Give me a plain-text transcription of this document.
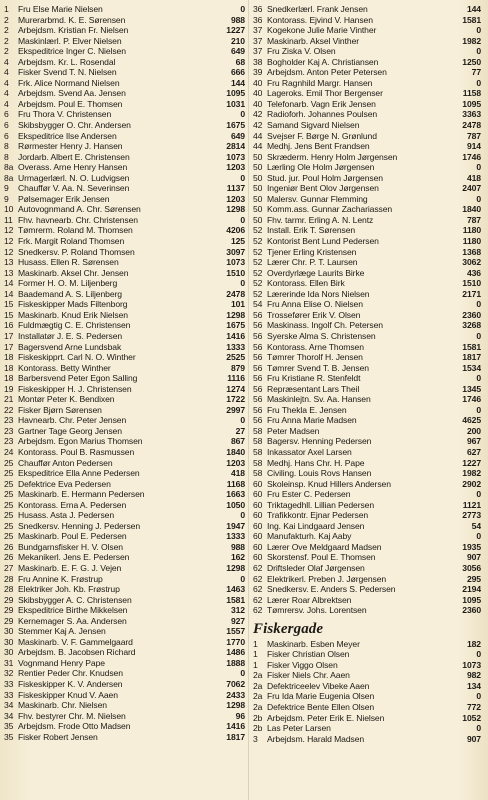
1	Fru Else Marie Nielsen	0
2	Murerarbmd. K. E. Sørensen	988
2	Arbejdsm. Kristian Fr. Nielsen	1227
2	Maskinlærl. P. Elver Nielsen	210
2	Ekspeditrice Inger C. Nielsen	649
4	Arbejdsm. Kr. L. Rosendal	68
4	Fisker Svend T. N. Nielsen	666
4	Frk. Alice Normand Nielsen	144
4	Arbejdsm. Svend Aa. Jensen	1095
4	Arbejdsm. Poul E. Thomsen	1031
6	Fru Thora V. Christensen	0
6	Skibsbygger O. Chr. Andersen	1675
6	Ekspeditrice Ilse Andersen	649
8	Rørmester Henry J. Hansen	2814
8	Jordarb. Albert E. Christensen	1073
8a Overass. Arne Henry Hansen	1203
8a Urmagerlærl. N. O. Ludvigsen	0
9	Chauffør V. Aa. N. Severinsen	1137
9	Pølsemager Erik Jensen	1203
10 Autovognmand A. Chr. Sørensen	1298
11 Fhv. havnearb. Chr. Christensen	0
12 Tømrerm. Roland M. Thomsen	4206
12 Frk. Margit Roland Thomsen	125
12 Snedkersv. P. Roland Thomsen	3097
13 Husass. Ellen R. Sørensen	1073
13 Maskinarb. Aksel Chr. Jensen	1510
14 Former H. O. M. Liljenberg	0
14 Baademand A. S. Liljenberg	2478
15 Fiskeskipper Mads Filtenborg	101
15 Maskinarb. Knud Erik Nielsen	1298
16 Fuldmægtig C. E. Christensen	1675
17 Installatør J. E. S. Pedersen	1416
17 Bagersvend Arne Lundsbak	1333
18 Fiskeskipprt. Carl N. O. Winther	2525
18 Kontorass. Betty Winther	879
18 Barbersvend Peter Egon Salling	1116
19 Fiskeskipper H. J. Christensen	1274
21 Montør Peter K. Bendixen	1722
22 Fisker Bjørn Sørensen	2997
23 Havnearb. Chr. Peter Jensen	0
23 Gartner Tage Georg Jensen	27
23 Arbejdsm. Egon Marius Thomsen	867
24 Kontorass. Poul B. Rasmussen	1840
25 Chauffør Anton Pedersen	1203
25 Ekspeditrice Ella Anne Pedersen	418
25 Defektrice Eva Pedersen	1168
25 Maskinarb. E. Hermann Pedersen	1663
25 Kontorass. Erna A. Pedersen	1050
25 Husass. Asta J. Pedersen	0
25 Snedkersv. Henning J. Pedersen	1947
25 Maskinarb. Poul E. Pedersen	1333
26 Bundgarnsfisker H. V. Olsen	988
26 Mekanikerl. Jens E. Pedersen	162
27 Maskinarb. E. F. G. J. Vejen	1298
28 Fru Annine K. Frøstrup	0
28 Elektriker Joh. Kb. Frøstrup	1463
29 Skibsbygger A. C. Christensen	1581
29 Ekspeditrice Birthe Mikkelsen	312
29 Kernemager S. Aa. Andersen	927
30 Stemmer Kaj A. Jensen	1557
30 Maskinarb. V. F. Gammelgaard	1770
30 Arbejdsm. B. Jacobsen Richard	1486
31 Vognmand Henry Pape	1888
32 Rentier Peder Chr. Knudsen	0
33 Fiskeskipper K. V. Andersen	7062
33 Fiskeskipper Knud V. Aaen	2433
34 Maskinarb. Chr. Nielsen	1298
34 Fhv. bestyrer Chr. M. Nielsen	96
35 Arbejdsm. Frode Otto Madsen	1416
35 Fisker Robert Jensen	1817
36 Snedkerlærl. Frank Jensen	144
36 Kontorass. Ejvind V. Hansen	1581
37 Kogekone Julie Marie Vinther	0
37 Maskinarb. Aksel Vinther	1982
37 Fru Ziska V. Olsen	0
38 Bogholder Kaj A. Christiansen	1250
39 Arbejdsm. Anton Peter Petersen	77
40 Fru Ragnhild Margr. Hansen	0
40 Lageroks. Emil Thor Bergenser	1158
40 Telefonarb. Vagn Erik Jensen	1095
42 Radioforh. Johannes Poulsen	3363
42 Samand Sigvard Nielsen	2478
44 Svejser F. Børge N. Grønlund	787
44 Medhj. Jens Bent Frandsen	914
50 Skræderm. Henry Holm Jørgensen	1746
50 Lærling Ole Holm Jørgensen	0
50 Stud. jur. Poul Holm Jørgensen	418
50 Ingeniør Bent Olov Jørgensen	2407
50 Malersv. Gunnar Flemming	0
50 Komm.ass. Gunnar Zachariassen	1840
50 Fhv. tarmr. Erling A. N. Lentz	787
52 Install. Erik T. Sørensen	1180
52 Kontorist Bent Lund Pedersen	1180
52 Tjener Erling Kristensen	1368
52 Lærer Chr. P. T. Laursen	3062
52 Overdyrlæge Laurits Birke	436
52 Kontorass. Ellen Birk	1510
52 Lærerinde Ida Nors Nielsen	2171
54 Fru Anna Elise O. Nielsen	0
56 Trossefører Erik V. Olsen	2360
56 Maskinass. Ingolf Ch. Petersen	3268
56 Syerske Alma S. Christensen	0
56 Kontorass. Arne Thomsen	1581
56 Tømrer Thorolf H. Jensen	1817
56 Tømrer Svend T. B. Jensen	1534
56 Fru Kristiane R. Stenfeldt	0
56 Repræsentant Lars Theil	1345
56 Maskinlejtn. Sv. Aa. Hansen	1746
56 Fru Thekla E. Jensen	0
56 Fru Anna Marie Madsen	4625
58 Peter Madsen	200
58 Bagersv. Henning Pedersen	967
58 Inkassator Axel Larsen	627
58 Medhj. Hans Chr. H. Pape	1227
58 Civiling. Louis Rovs Hansen	1982
60 Skoleinsp. Knud Hillers Andersen	2902
60 Fru Ester C. Pedersen	0
60 Triktagedhll. Lillian Pedersen	1121
60 Trafikkontr. Ejnar Pedersen	2773
60 Ing. Kai Lindgaard Jensen	54
60 Manufakturh. Kaj Aaby	0
60 Lærer Ove Meldgaard Madsen	1935
60 Skorstensf. Poul E. Thomsen	907
62 Driftsleder Olaf Jørgensen	3056
62 Elektrikerl. Preben J. Jørgensen	295
62 Snedkersv. E. Anders S. Pedersen	2194
62 Lærer Roar Albrektsen	1095
62 Tømrersv. Johs. Lorentsen	2360
Fiskergade
1	Maskinarb. Esben Meyer	182
1	Fisker Christian Olsen	0
1	Fisker Viggo Olsen	1073
2a Fisker Niels Chr. Aaen	982
2a Defektriceelev Vibeke Aaen	134
2a Fru Ida Marie Eugenia Olsen	0
2a Defektrice Bente Ellen Olsen	772
2b Arbejdsm. Peter Erik E. Nielsen	1052
2b Las Peter Larsen	0
3	Arbejdsm. Harald Madsen	907
